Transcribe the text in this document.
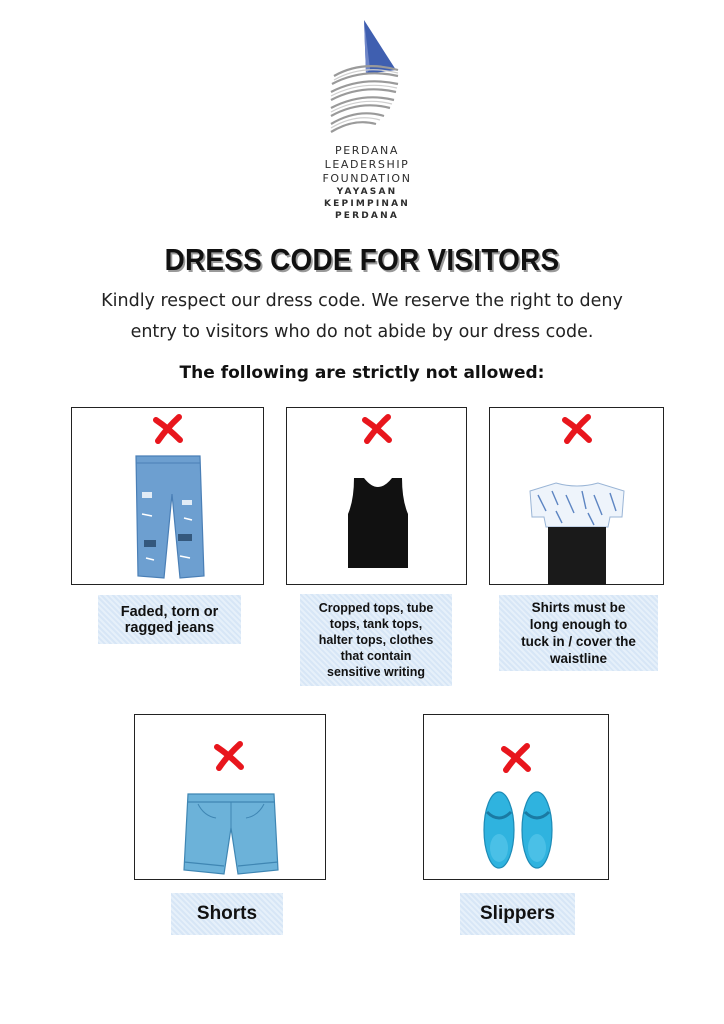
PERDANA
LEADERSHIP
FOUNDATION
YAYASAN
KEPIMPINAN
PERDANA
DRESS CODE FOR VISITORS
Kindly respect our dress code. We reserve the right to deny
entry to visitors who do not abide by our dress code.
The following are strictly not allowed:
Faded, torn or
ragged jeans
Cropped tops, tube
tops, tank tops,
halter tops, clothes
that contain
sensitive writing
Shirts must be
long enough to
tuck in / cover the
waistline
Shorts	Slippers
